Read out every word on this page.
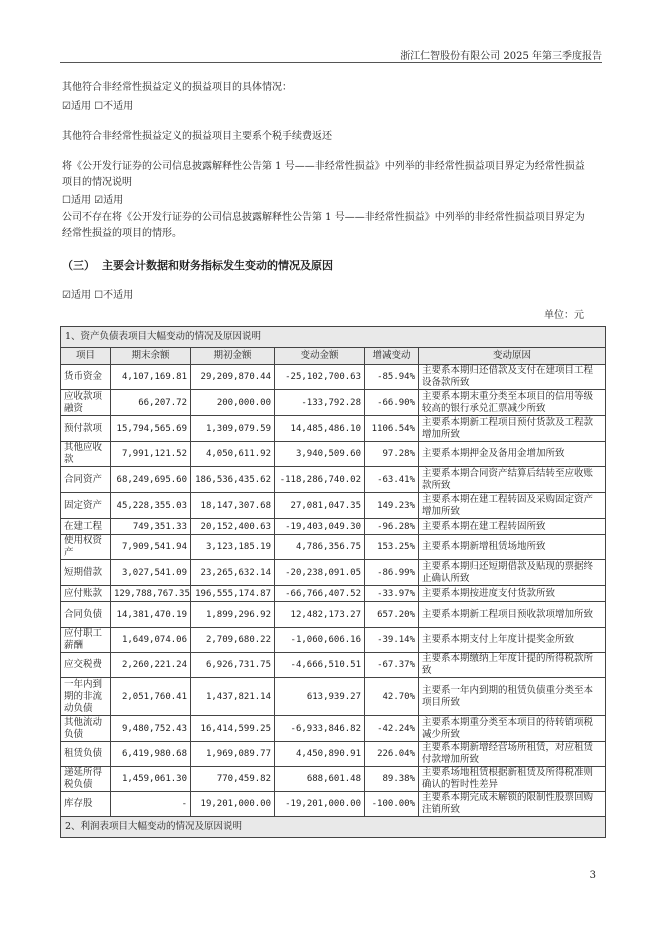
浙江仁智股份有限公司 2025 年第三季度报告
其他符合非经常性损益定义的损益项目的具体情况：
☑适用 ☐不适用
其他符合非经常性损益定义的损益项目主要系个税手续费返还
将《公开发行证券的公司信息披露解释性公告第 1 号——非经常性损益》中列举的非经常性损益项目界定为经常性损益项目的情况说明
☐适用 ☑适用
公司不存在将《公开发行证券的公司信息披露解释性公告第 1 号——非经常性损益》中列举的非经常性损益项目界定为经常性损益的项目的情形。
（三） 主要会计数据和财务指标发生变动的情况及原因
☑适用 ☐不适用
单位：元
1、资产负债表项目大幅变动的情况及原因说明					
项目	期末余额	期初金额	变动金额	增减变动	变动原因
货币资金	4,107,169.81	29,209,870.44	-25,102,700.63	-85.94%	主要系本期归还借款及支付在建项目工程设备款所致
应收款项融资	66,207.72	200,000.00	-133,792.28	-66.90%	主要系本期末重分类至本项目的信用等级较高的银行承兑汇票减少所致
预付款项	15,794,565.69	1,309,079.59	14,485,486.10	1106.54%	主要系本期新工程项目预付货款及工程款增加所致
其他应收款	7,991,121.52	4,050,611.92	3,940,509.60	97.28%	主要系本期押金及备用金增加所致
合同资产	68,249,695.60	186,536,435.62	-118,286,740.02	-63.41%	主要系本期合同资产结算后结转至应收账款所致
固定资产	45,228,355.03	18,147,307.68	27,081,047.35	149.23%	主要系本期在建工程转固及采购固定资产增加所致
在建工程	749,351.33	20,152,400.63	-19,403,049.30	-96.28%	主要系本期在建工程转固所致
使用权资产	7,909,541.94	3,123,185.19	4,786,356.75	153.25%	主要系本期新增租赁场地所致
短期借款	3,027,541.09	23,265,632.14	-20,238,091.05	-86.99%	主要系本期归还短期借款及贴现的票据终止确认所致
应付账款	129,788,767.35	196,555,174.87	-66,766,407.52	-33.97%	主要系本期按进度支付货款所致
合同负债	14,381,470.19	1,899,296.92	12,482,173.27	657.20%	主要系本期新工程项目预收款项增加所致
应付职工薪酬	1,649,074.06	2,709,680.22	-1,060,606.16	-39.14%	主要系本期支付上年度计提奖金所致
应交税费	2,260,221.24	6,926,731.75	-4,666,510.51	-67.37%	主要系本期缴纳上年度计提的所得税款所致
一年内到期的非流动负债	2,051,760.41	1,437,821.14	613,939.27	42.70%	主要系一年内到期的租赁负债重分类至本项目所致
其他流动负债	9,480,752.43	16,414,599.25	-6,933,846.82	-42.24%	主要系本期重分类至本项目的待转销项税减少所致
租赁负债	6,419,980.68	1,969,089.77	4,450,890.91	226.04%	主要系本期新增经营场所租赁，对应租赁付款增加所致
递延所得税负债	1,459,061.30	770,459.82	688,601.48	89.38%	主要系场地租赁根据新租赁及所得税准则确认的暂时性差异
库存股	-	19,201,000.00	-19,201,000.00	-100.00%	主要系本期完成未解锁的限制性股票回购注销所致
2、利润表项目大幅变动的情况及原因说明					
3
